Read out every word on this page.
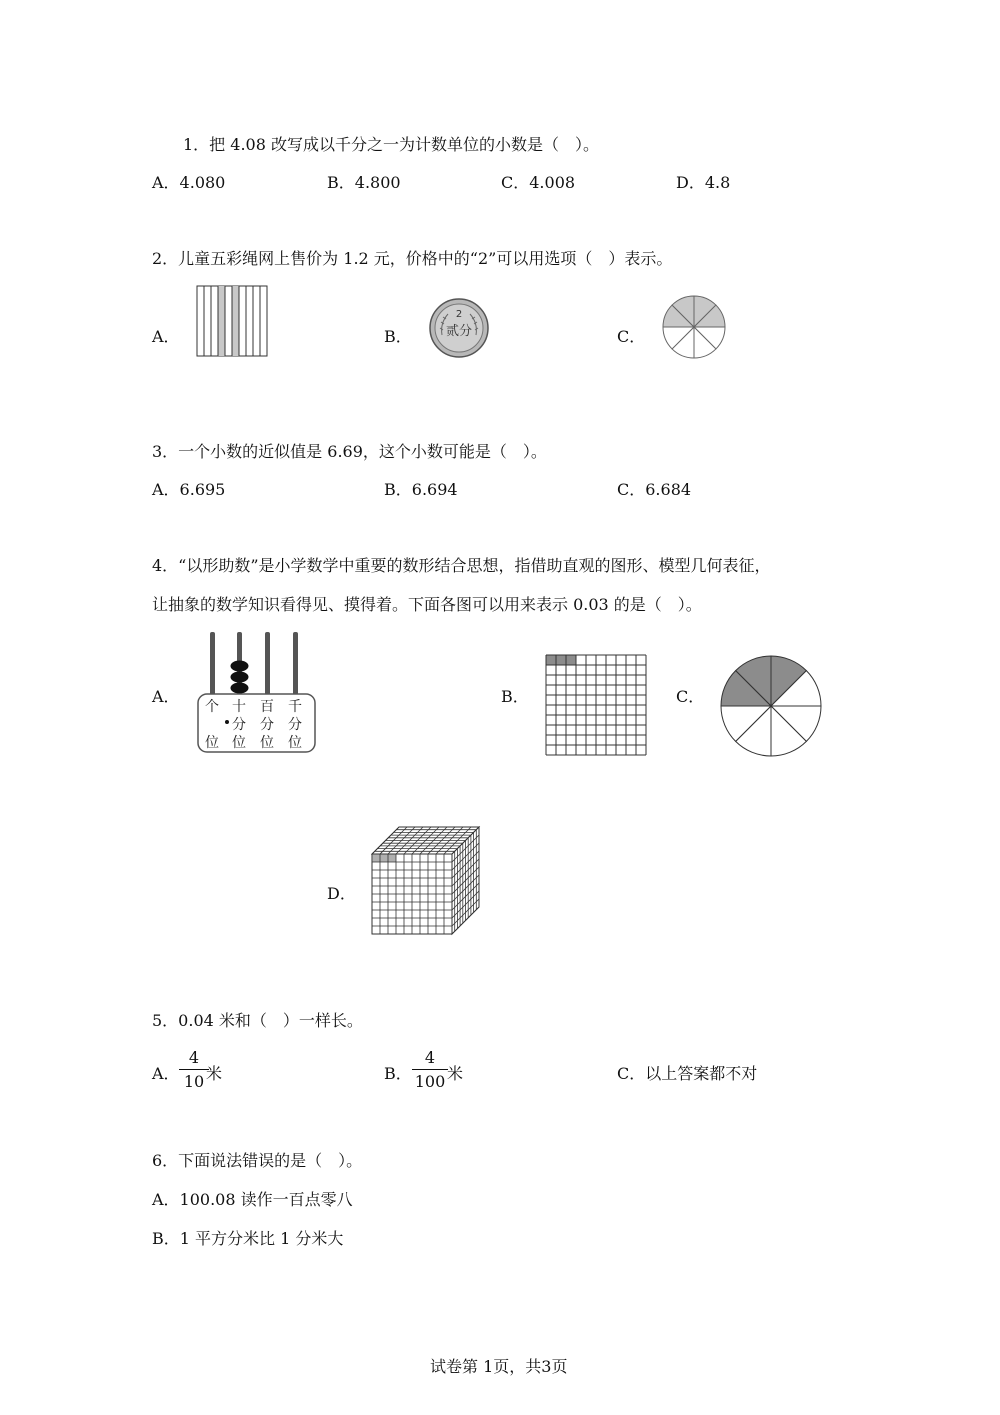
1．把 4.08 改写成以千分之一为计数单位的小数是（　）。
A．4.080	B．4.800	C．4.008	D．4.8
2．儿童五彩绳网上售价为 1.2 元，价格中的“2”可以用选项（　）表示。
A．	B．
2
贰分	C．
3．一个小数的近似值是 6.69，这个小数可能是（　）。
A．6.695	B．6.694	C．6.684
4．“以形助数”是小学数学中重要的数形结合思想，指借助直观的图形、模型几何表征，
让抽象的数学知识看得见、摸得着。下面各图可以用来表示 0.03 的是（　）。
A．
个
位
十
分
位
百
分
位
千
分
位
B．	C．
D．
5．0.04 米和（　）一样长。
A．
4
10 米	B．
4
100 米	C．以上答案都不对
6．下面说法错误的是（　）。
A．100.08 读作一百点零八
B．1 平方分米比 1 分米大
试卷第 1页，共3页
